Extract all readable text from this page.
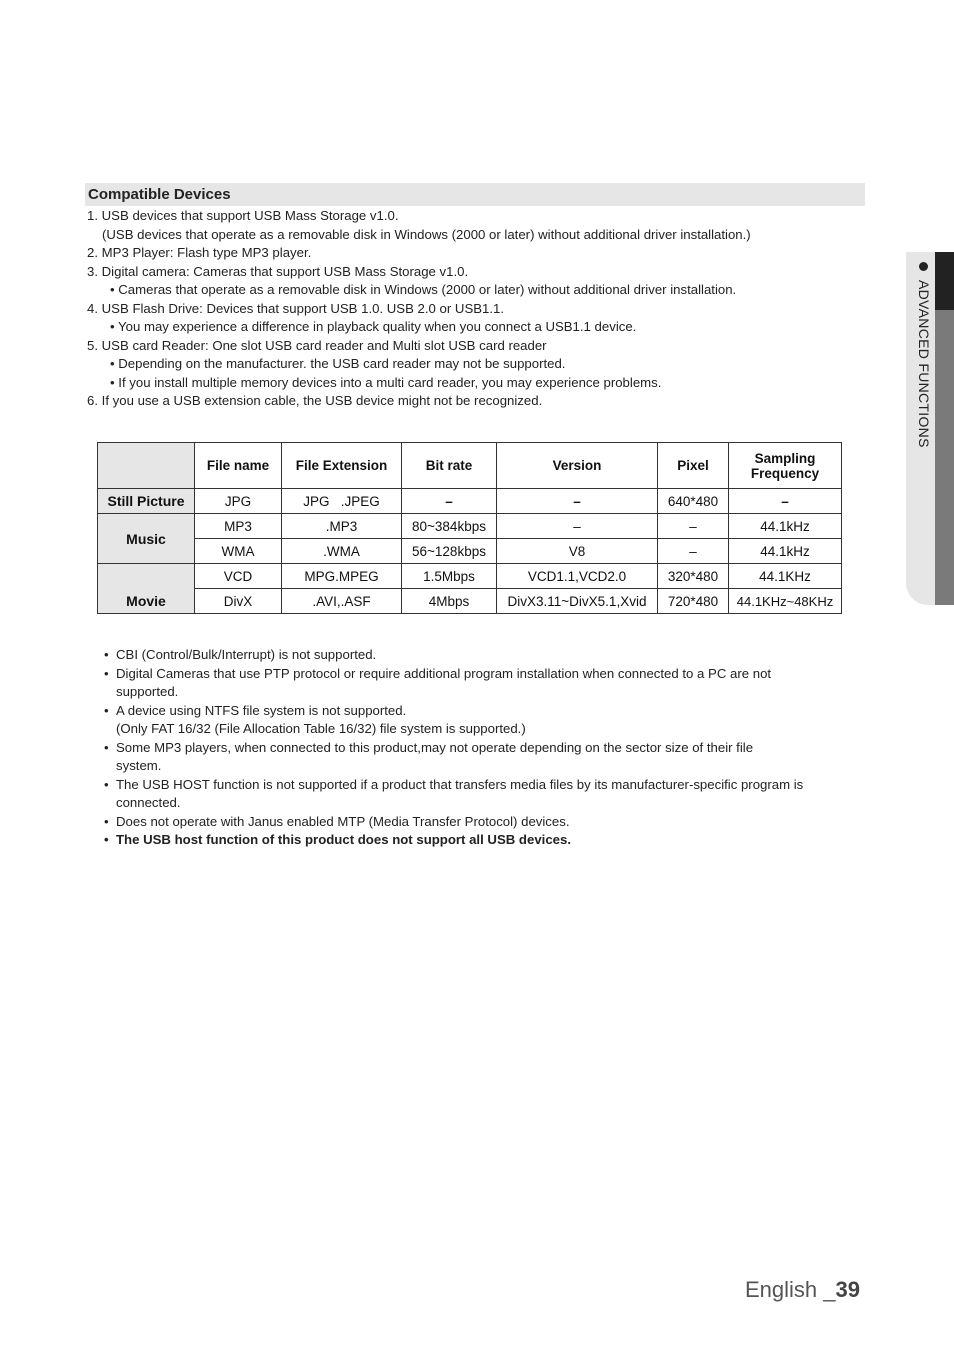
Compatible Devices
1. USB devices that support USB Mass Storage v1.0.
(USB devices that operate as a removable disk in Windows (2000 or later) without additional driver installation.)
2. MP3 Player: Flash type MP3 player.
3. Digital camera: Cameras that support USB Mass Storage v1.0.
• Cameras that operate as a removable disk in Windows (2000 or later) without additional driver installation.
4. USB Flash Drive: Devices that support USB 1.0. USB 2.0 or USB1.1.
• You may experience a difference in playback quality when you connect a USB1.1 device.
5. USB card Reader: One slot USB card reader and Multi slot USB card reader
• Depending on the manufacturer. the USB card reader may not be supported.
• If you install multiple memory devices into a multi card reader, you may experience problems.
6. If you use a USB extension cable, the USB device might not be recognized.
	File name	File Extension	Bit rate	Version	Pixel	Sampling Frequency
Still Picture	JPG	JPG   .JPEG	–	–	640*480	–
Music	MP3	.MP3	80~384kbps	–	–	44.1kHz
	WMA	.WMA	56~128kbps	V8	–	44.1kHz
Movie	VCD	MPG.MPEG	1.5Mbps	VCD1.1,VCD2.0	320*480	44.1KHz
	DivX	.AVI,.ASF	4Mbps	DivX3.11~DivX5.1,Xvid	720*480	44.1KHz~48KHz
• CBI (Control/Bulk/Interrupt) is not supported.
• Digital Cameras that use PTP protocol or require additional program installation when connected to a PC are not supported.
• A device using NTFS file system is not supported.
(Only FAT 16/32 (File Allocation Table 16/32) file system is supported.)
• Some MP3 players, when connected to this product,may not operate depending on the sector size of their file system.
• The USB HOST function is not supported if a product that transfers media files by its manufacturer-specific program is connected.
• Does not operate with Janus enabled MTP (Media Transfer Protocol) devices.
• The USB host function of this product does not support all USB devices.
ADVANCED FUNCTIONS
English _39
